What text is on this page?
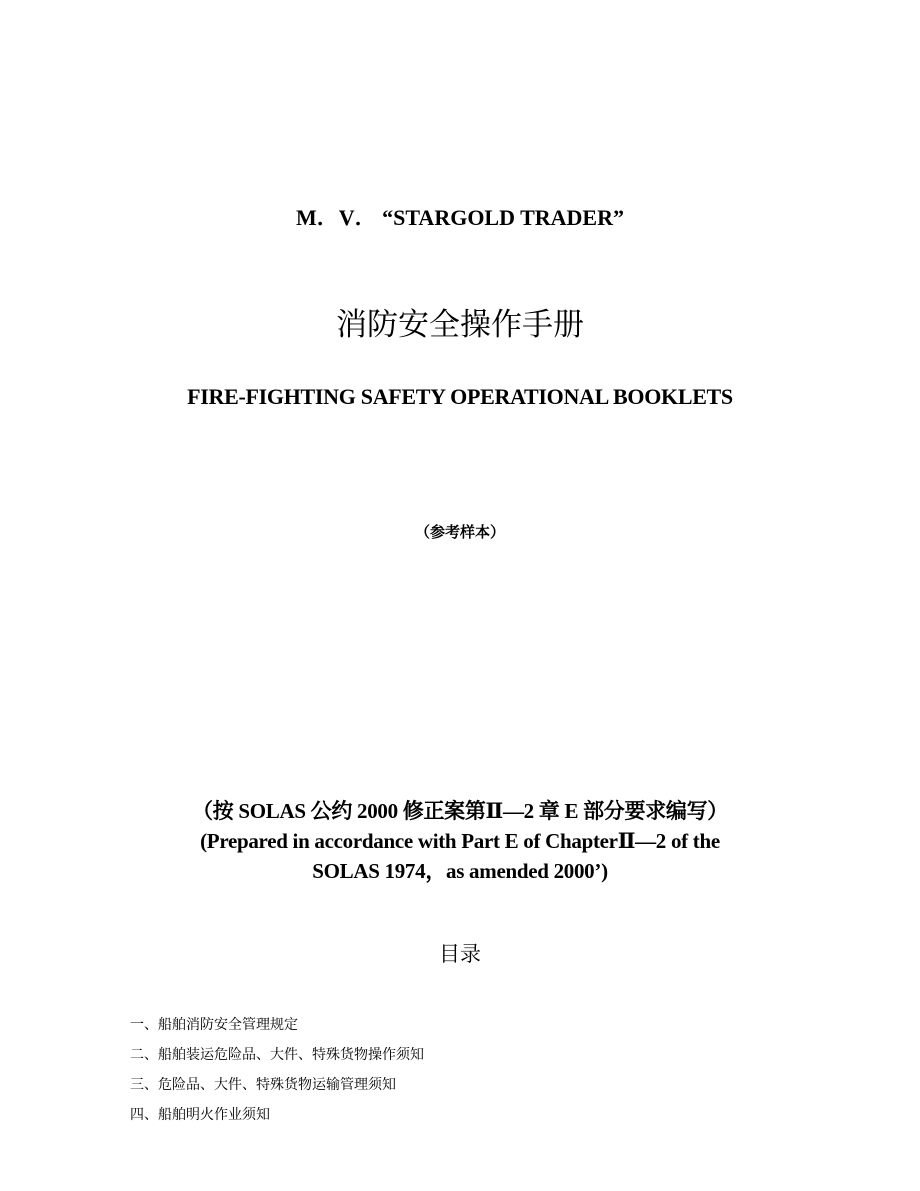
M．V． “STARGOLD TRADER”
消防安全操作手册
FIRE-FIGHTING SAFETY OPERATIONAL BOOKLETS
（参考样本）
（按 SOLAS 公约 2000 修正案第Ⅱ—2 章 E 部分要求编写）
(Prepared in accordance with Part E of ChapterⅡ—2 of the
SOLAS 1974，as amended 2000’)
目录
一、船舶消防安全管理规定
二、船舶装运危险品、大件、特殊货物操作须知
三、危险品、大件、特殊货物运输管理须知
四、船舶明火作业须知
